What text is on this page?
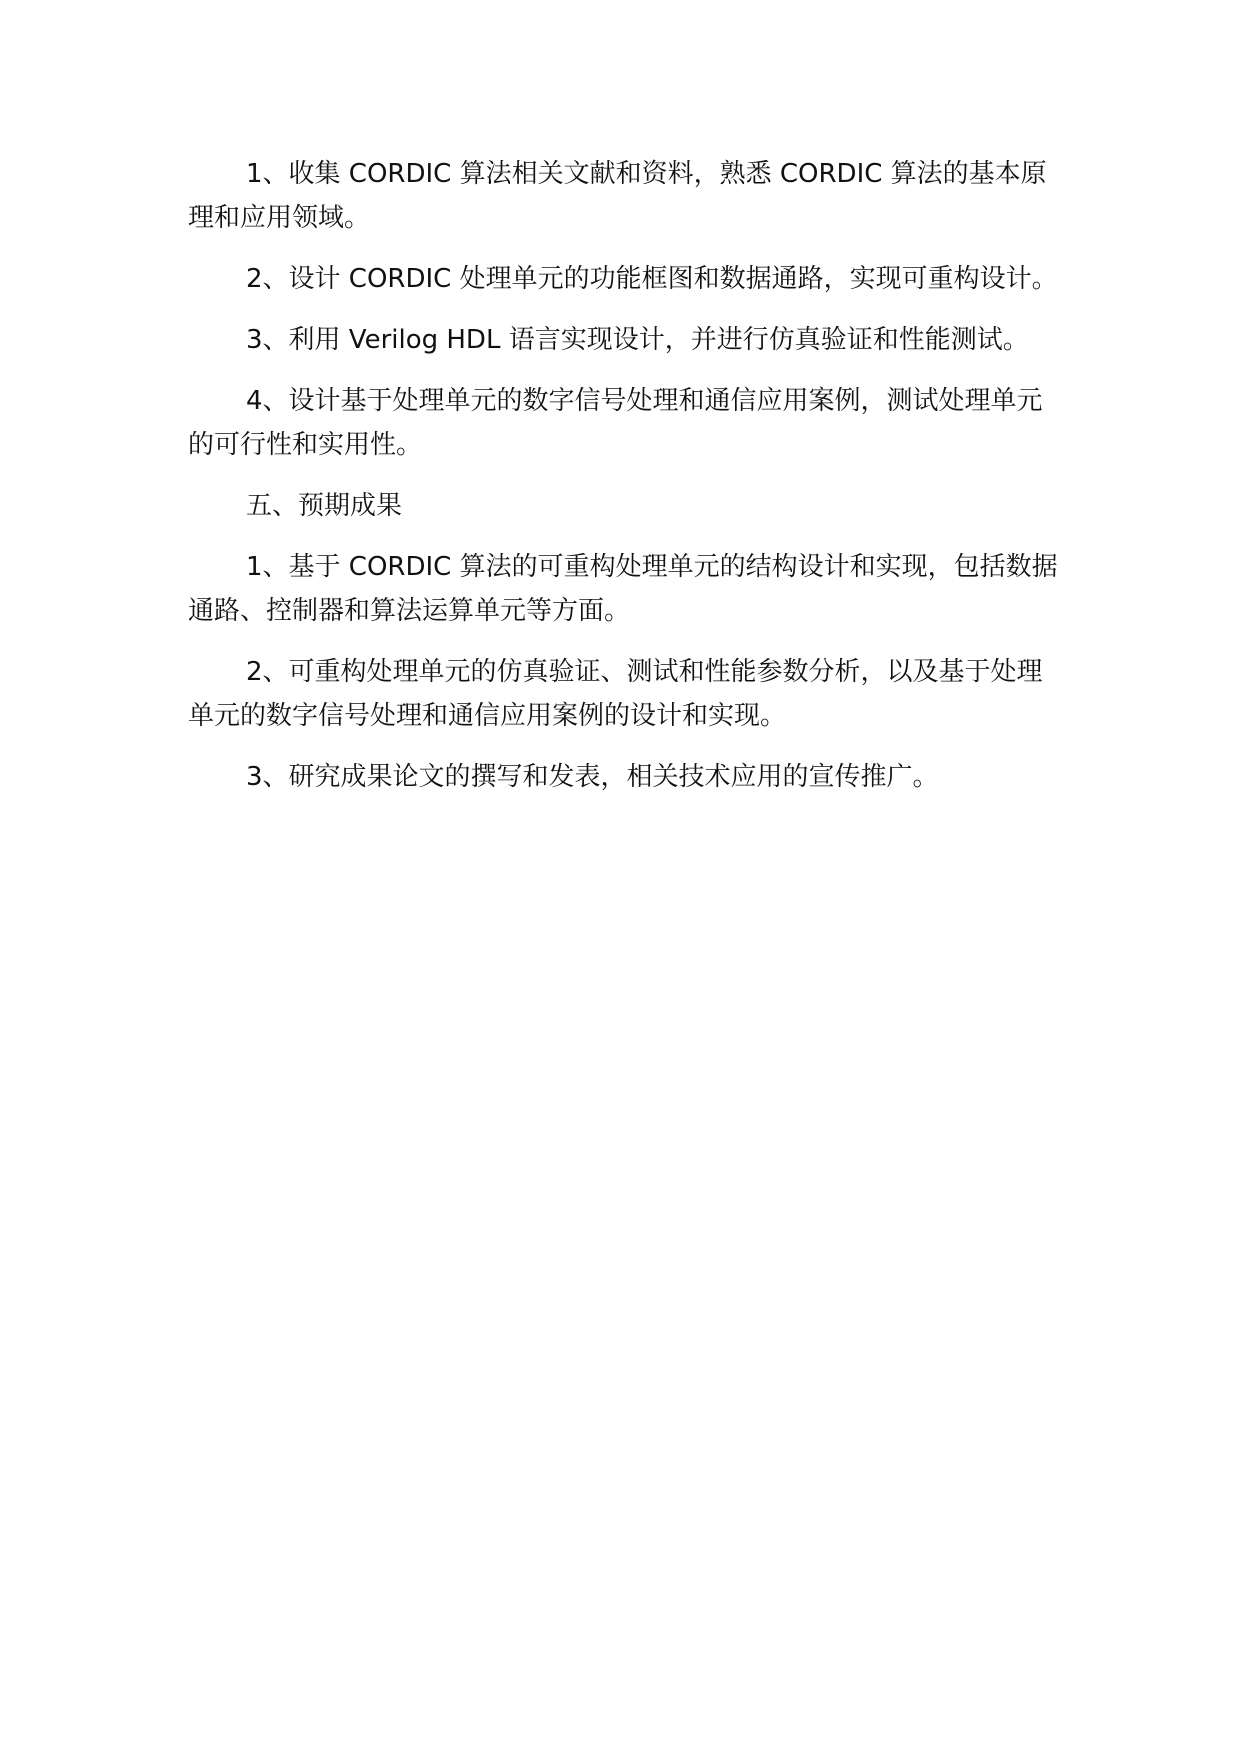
1、收集 CORDIC 算法相关文献和资料，熟悉 CORDIC 算法的基本原理和应用领域。

2、设计 CORDIC 处理单元的功能框图和数据通路，实现可重构设计。

3、利用 Verilog HDL 语言实现设计，并进行仿真验证和性能测试。

4、设计基于处理单元的数字信号处理和通信应用案例，测试处理单元的可行性和实用性。

五、预期成果

1、基于 CORDIC 算法的可重构处理单元的结构设计和实现，包括数据通路、控制器和算法运算单元等方面。

2、可重构处理单元的仿真验证、测试和性能参数分析，以及基于处理单元的数字信号处理和通信应用案例的设计和实现。

3、研究成果论文的撰写和发表，相关技术应用的宣传推广。
